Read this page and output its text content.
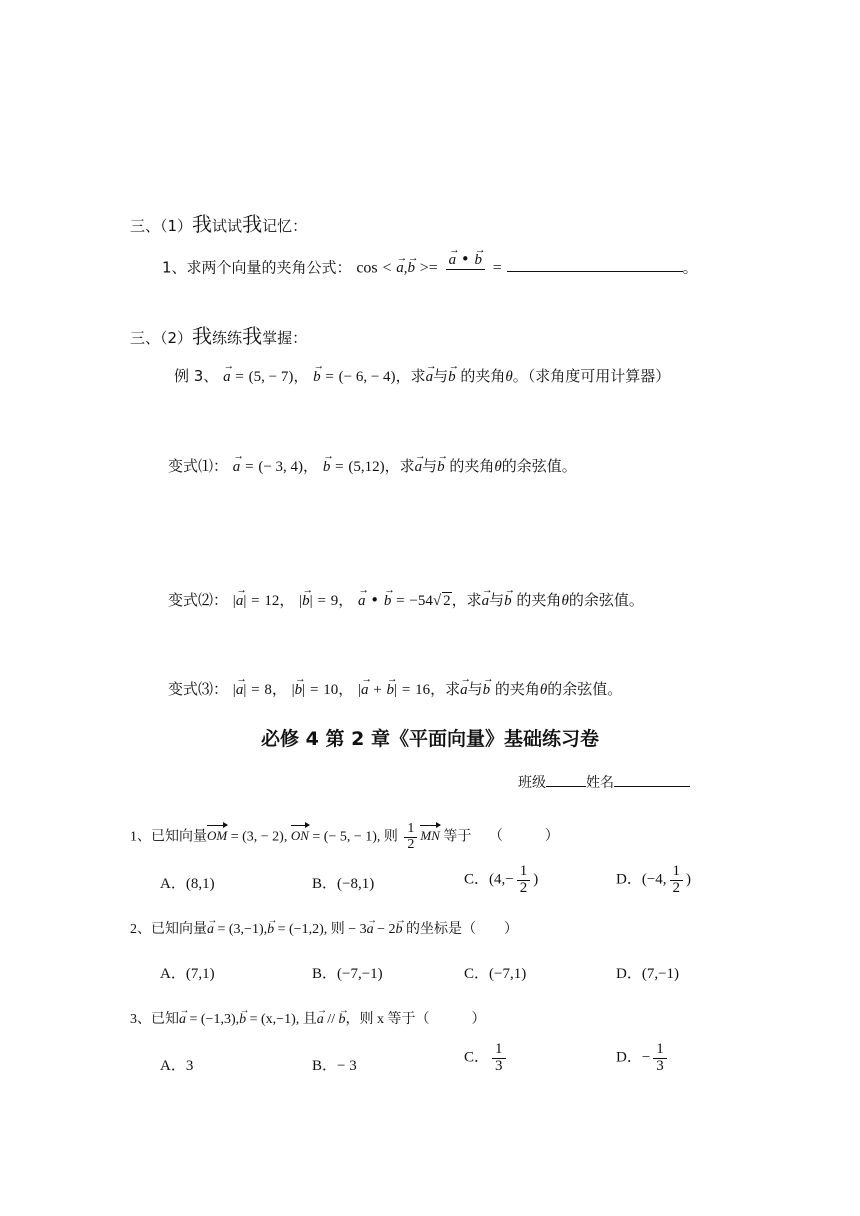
三、（1）我试试我记忆：
1、求两个向量的夹角公式： cos < → a,→ b >= → a • → b =	。
三、（2）我练练我掌握：
例 3、 → a = (5, − 7)， → b = (− 6, − 4)，求→ a与→ b 的夹角θ。（求角度可用计算器）
变式⑴： → a = (− 3, 4)， → b = (5,12)，求→ a与→ b 的夹角θ的余弦值。
变式⑵： |→ a| = 12， |→ b| = 9， → a • → b = −54√ 2，求→ a与→ b 的夹角θ的余弦值。
变式⑶： |→ a| = 8， |→ b| = 10， |→ a + → b| = 16，求→ a与→ b 的夹角θ的余弦值。
必修 4 第 2 章《平面向量》基础练习卷
班级	姓名
1、已知向量OM = (3, − 2), ON = (− 5, − 1), 则 $\frac{1}{2}$ MN 等于 （　　　）
A．(8,1)	B．(−8,1)	C．($4,- \frac{1}{2}$ )	D．(−4, $\frac{1}{2}$ )
2、已知向量→ a = (3,−1),→ b = (−1,2), 则 − 3→ a − 2→ b 的坐标是（　　）
A．(7,1)	B．(−7,−1)	C．(−7,1)	D．(7,−1)
3、已知→ a = (−1,3),→ b = (x,−1), 且→ a // → b，则 x 等于（　　　）
A．3	B．− 3
C． $\frac{1}{3}$	D．− $\frac{1}{3}$
